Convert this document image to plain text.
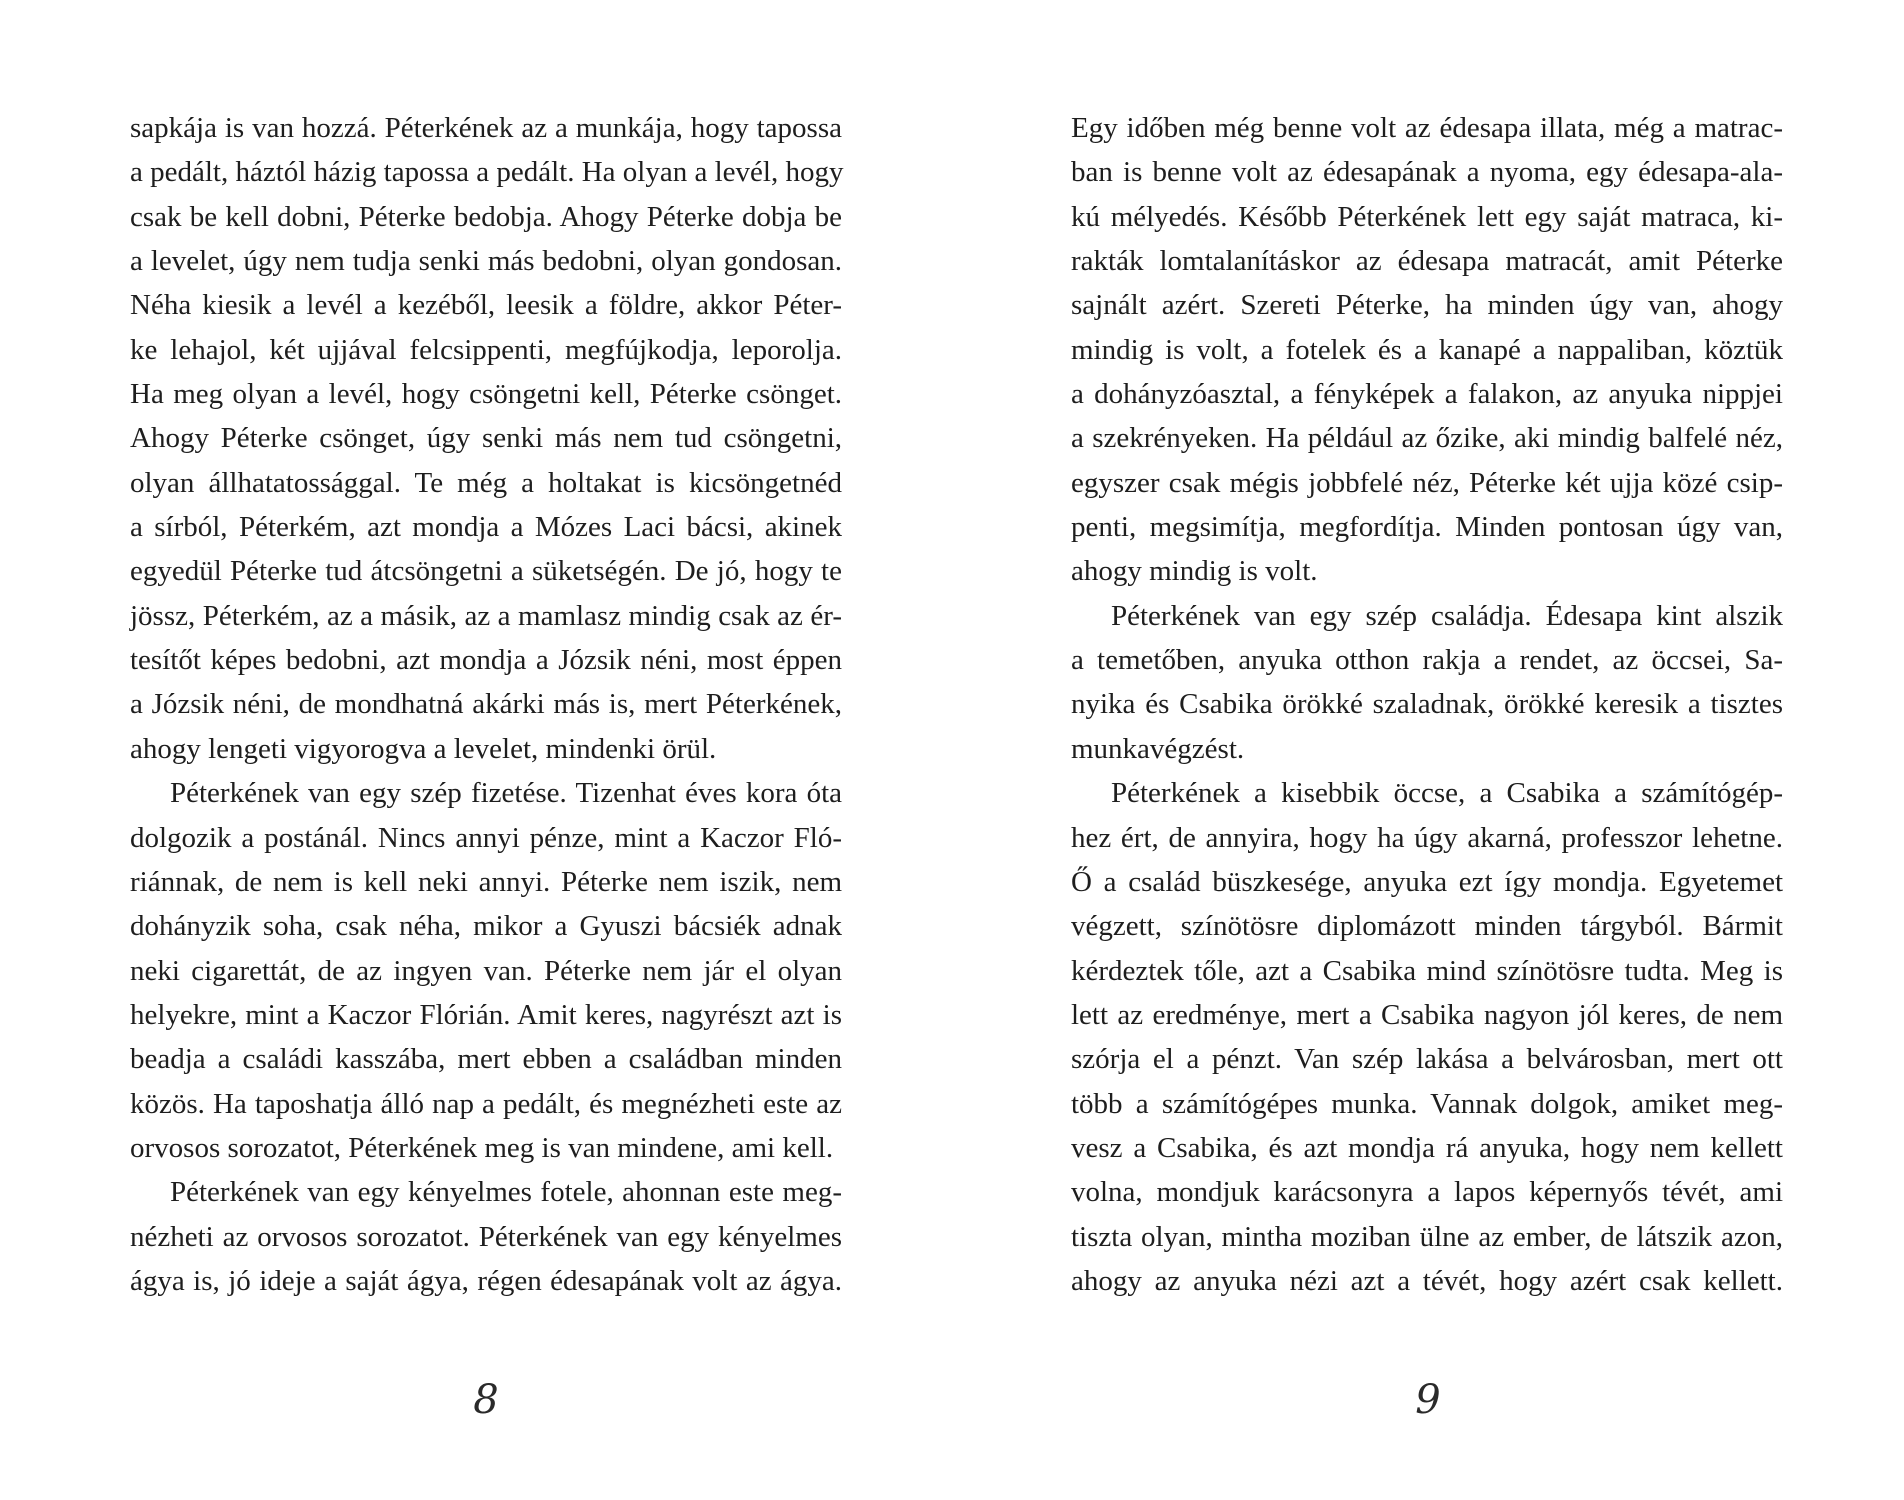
sapkája is van hozzá. Péterkének az a munkája, hogy tapossa
a pedált, háztól házig tapossa a pedált. Ha olyan a levél, hogy
csak be kell dobni, Péterke bedobja. Ahogy Péterke dobja be
a levelet, úgy nem tudja senki más bedobni, olyan gondosan.
Néha kiesik a levél a kezéből, leesik a földre, akkor Péter-
ke lehajol, két ujjával felcsippenti, megfújkodja, leporolja.
Ha meg olyan a levél, hogy csöngetni kell, Péterke csönget.
Ahogy Péterke csönget, úgy senki más nem tud csöngetni,
olyan állhatatossággal. Te még a holtakat is kicsöngetnéd
a sírból, Péterkém, azt mondja a Mózes Laci bácsi, akinek
egyedül Péterke tud átcsöngetni a süketségén. De jó, hogy te
jössz, Péterkém, az a másik, az a mamlasz mindig csak az ér-
tesítőt képes bedobni, azt mondja a Józsik néni, most éppen
a Józsik néni, de mondhatná akárki más is, mert Péterkének,
ahogy lengeti vigyorogva a levelet, mindenki örül.
Péterkének van egy szép fizetése. Tizenhat éves kora óta
dolgozik a postánál. Nincs annyi pénze, mint a Kaczor Fló-
riánnak, de nem is kell neki annyi. Péterke nem iszik, nem
dohányzik soha, csak néha, mikor a Gyuszi bácsiék adnak
neki cigarettát, de az ingyen van. Péterke nem jár el olyan
helyekre, mint a Kaczor Flórián. Amit keres, nagyrészt azt is
beadja a családi kasszába, mert ebben a családban minden
közös. Ha taposhatja álló nap a pedált, és megnézheti este az
orvosos sorozatot, Péterkének meg is van mindene, ami kell.
Péterkének van egy kényelmes fotele, ahonnan este meg-
nézheti az orvosos sorozatot. Péterkének van egy kényelmes
ágya is, jó ideje a saját ágya, régen édesapának volt az ágya.
Egy időben még benne volt az édesapa illata, még a matrac-
ban is benne volt az édesapának a nyoma, egy édesapa-ala-
kú mélyedés. Később Péterkének lett egy saját matraca, ki-
rakták lomtalanításkor az édesapa matracát, amit Péterke
sajnált azért. Szereti Péterke, ha minden úgy van, ahogy
mindig is volt, a fotelek és a kanapé a nappaliban, köztük
a dohányzóasztal, a fényképek a falakon, az anyuka nippjei
a szekrényeken. Ha például az őzike, aki mindig balfelé néz,
egyszer csak mégis jobbfelé néz, Péterke két ujja közé csip-
penti, megsimítja, megfordítja. Minden pontosan úgy van,
ahogy mindig is volt.
Péterkének van egy szép családja. Édesapa kint alszik
a temetőben, anyuka otthon rakja a rendet, az öccsei, Sa-
nyika és Csabika örökké szaladnak, örökké keresik a tisztes
munkavégzést.
Péterkének a kisebbik öccse, a Csabika a számítógép-
hez ért, de annyira, hogy ha úgy akarná, professzor lehetne.
Ő a család büszkesége, anyuka ezt így mondja. Egyetemet
végzett, színötösre diplomázott minden tárgyból. Bármit
kérdeztek tőle, azt a Csabika mind színötösre tudta. Meg is
lett az eredménye, mert a Csabika nagyon jól keres, de nem
szórja el a pénzt. Van szép lakása a belvárosban, mert ott
több a számítógépes munka. Vannak dolgok, amiket meg-
vesz a Csabika, és azt mondja rá anyuka, hogy nem kellett
volna, mondjuk karácsonyra a lapos képernyős tévét, ami
tiszta olyan, mintha moziban ülne az ember, de látszik azon,
ahogy az anyuka nézi azt a tévét, hogy azért csak kellett.
8	9
